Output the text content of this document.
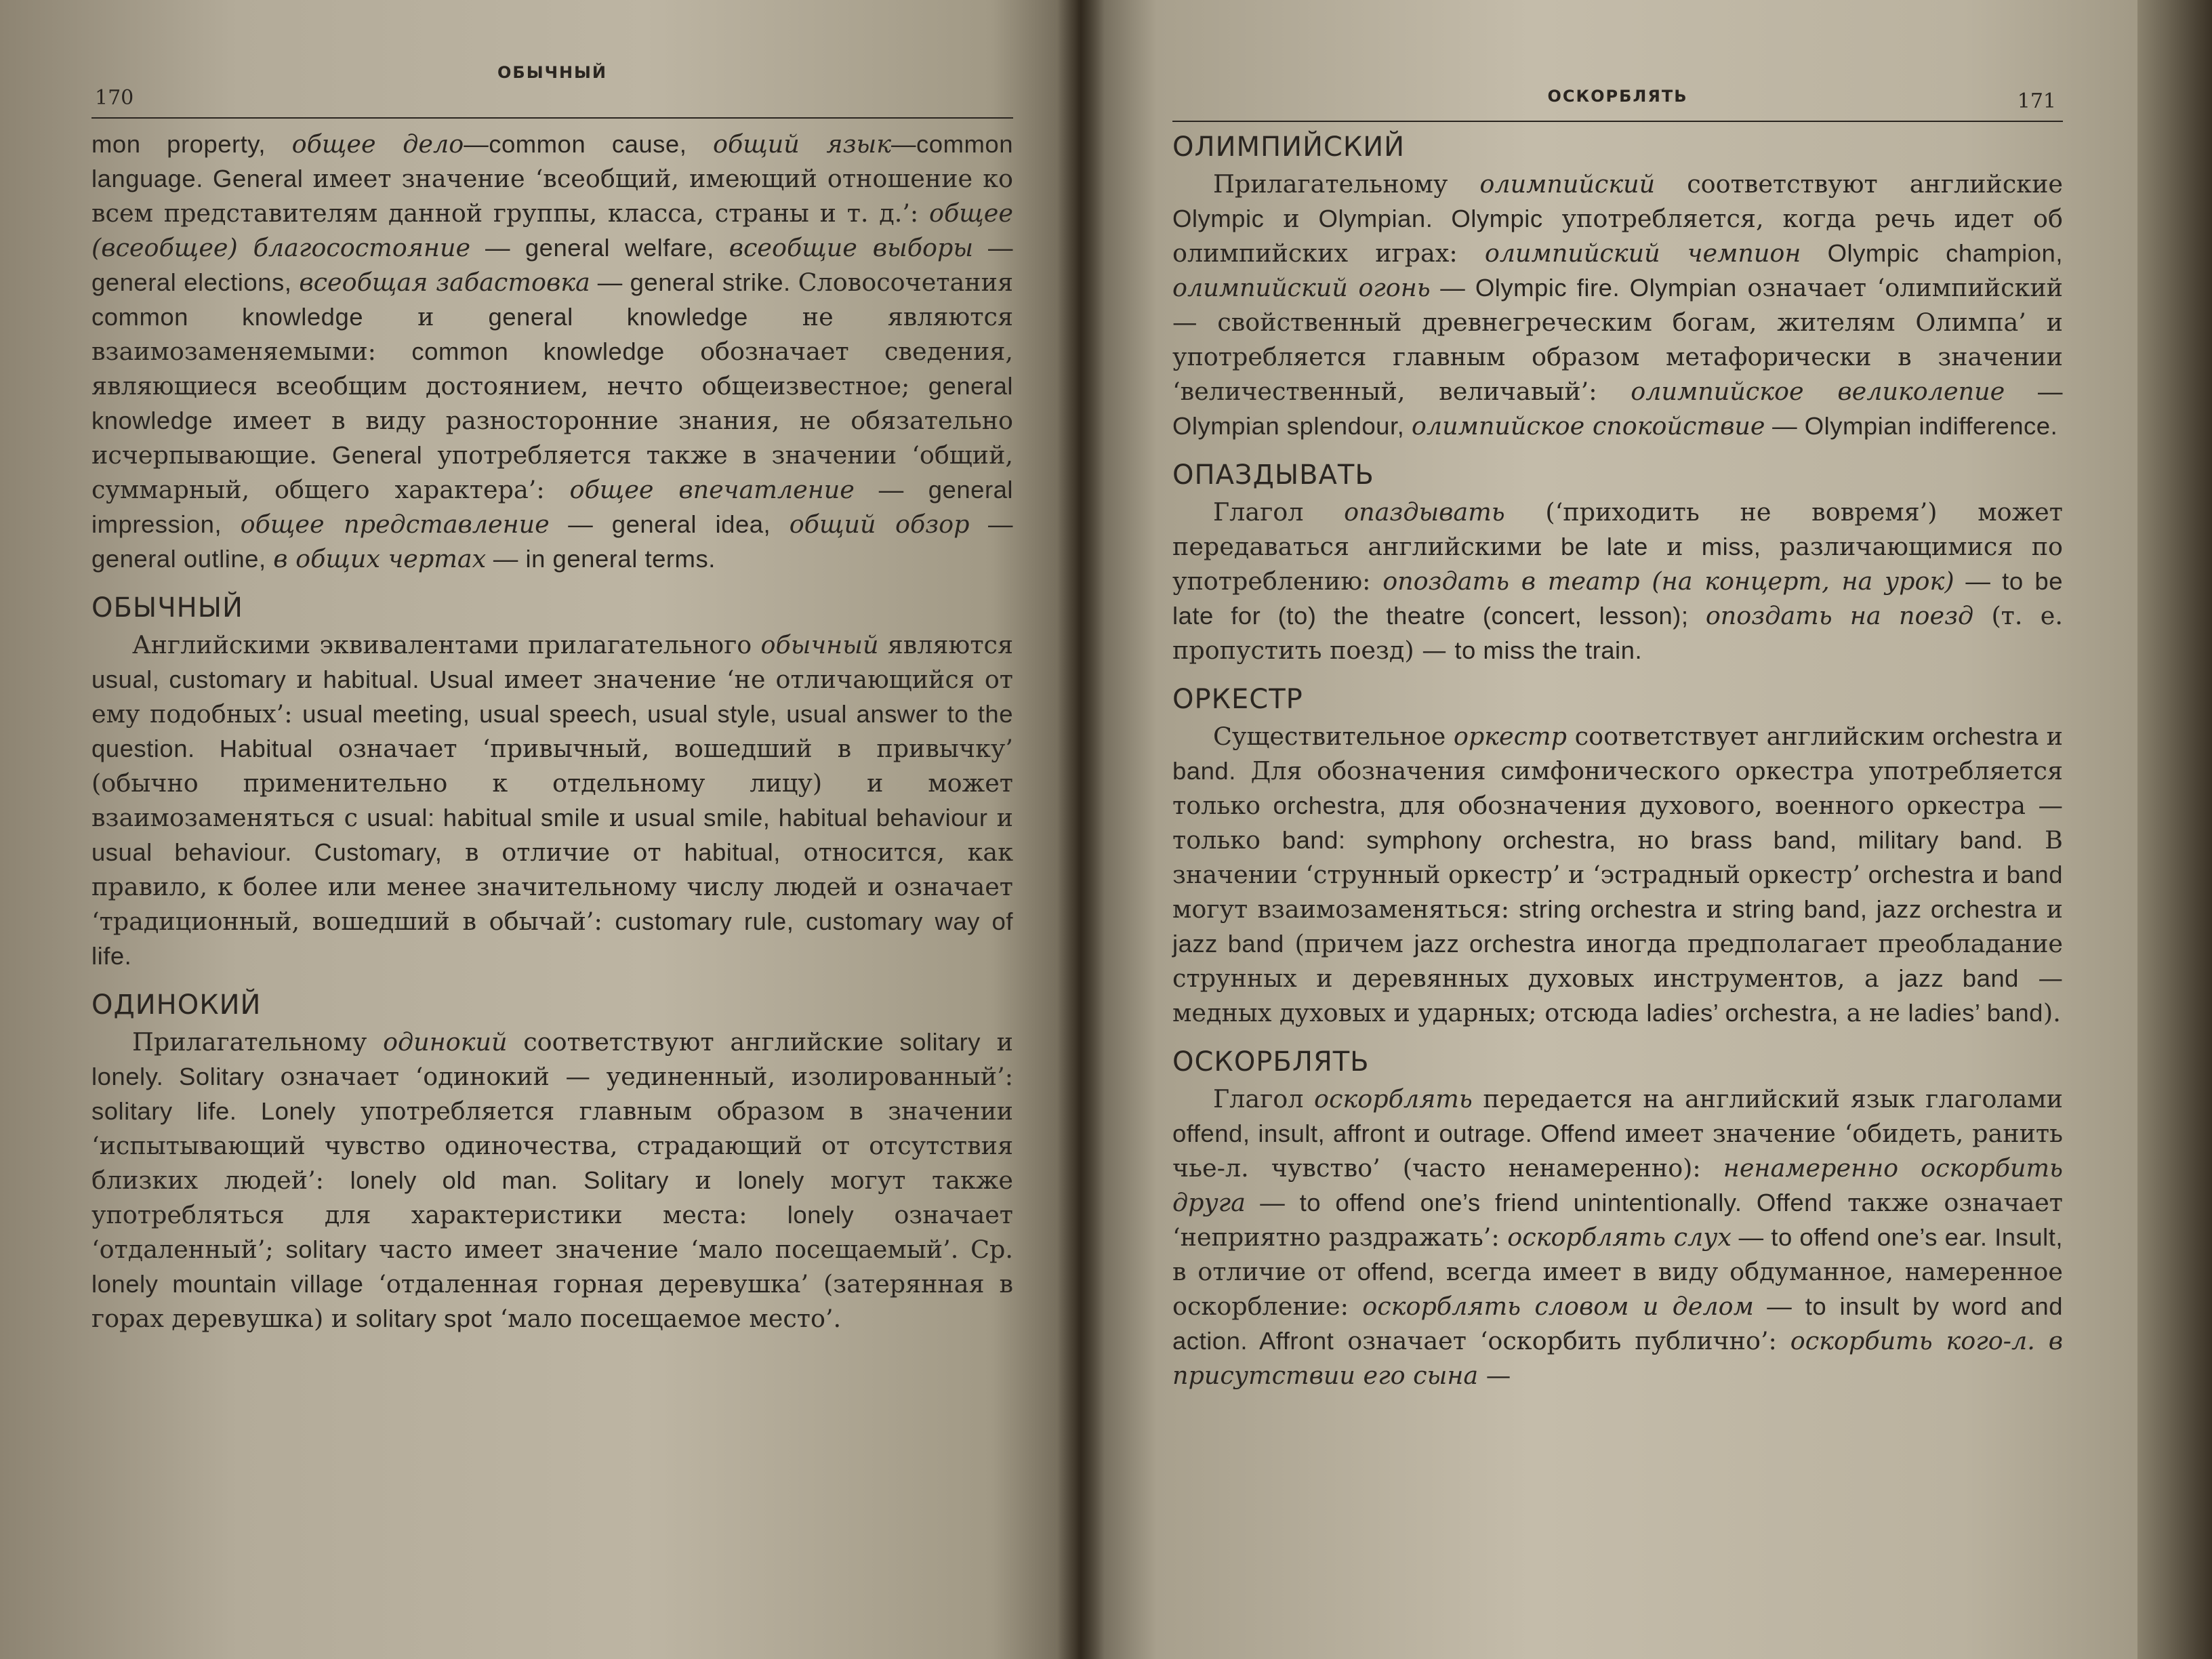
170
ОБЫЧНЫЙ

mon property, общее дело—common cause, общий язык—common language. General имеет значение ‘всеобщий, имеющий отношение ко всем представителям данной группы, класса, страны и т. д.’: общее (всеобщее) благосостояние — general welfare, всеобщие выборы — general elections, всеобщая забастовка — general strike. Словосочетания common knowledge и general knowledge не являются взаимозаменяемыми: common knowledge обозначает сведения, являющиеся всеобщим достоянием, нечто общеизвестное; general knowledge имеет в виду разносторонние знания, не обязательно исчерпывающие. General употребляется также в значении ‘общий, суммарный, общего характера’: общее впечатление — general impression, общее представление — general idea, общий обзор — general outline, в общих чертах — in general terms.

ОБЫЧНЫЙ

Английскими эквивалентами прилагательного обычный являются usual, customary и habitual. Usual имеет значение ‘не отличающийся от ему подобных’: usual meeting, usual speech, usual style, usual answer to the question. Habitual означает ‘привычный, вошедший в привычку’ (обычно применительно к отдельному лицу) и может взаимозаменяться с usual: habitual smile и usual smile, habitual behaviour и usual behaviour. Customary, в отличие от habitual, относится, как правило, к более или менее значительному числу людей и означает ‘традиционный, вошедший в обычай’: customary rule, customary way of life.

ОДИНОКИЙ

Прилагательному одинокий соответствуют английские solitary и lonely. Solitary означает ‘одинокий — уединенный, изолированный’: solitary life. Lonely употребляется главным образом в значении ‘испытывающий чувство одиночества, страдающий от отсутствия близких людей’: lonely old man. Solitary и lonely могут также употребляться для характеристики места: lonely означает ‘отдаленный’; solitary часто имеет значение ‘мало посещаемый’. Ср. lonely mountain village ‘отдаленная горная деревушка’ (затерянная в горах деревушка) и solitary spot ‘мало посещаемое место’.

ОСКОРБЛЯТЬ	171
ОЛИМПИЙСКИЙ

Прилагательному олимпийский соответствуют английские Olympic и Olympian. Olympic употребляется, когда речь идет об олимпийских играх: олимпийский чемпион Olympic champion, олимпийский огонь — Olympic fire. Olympian означает ‘олимпийский — свойственный древнегреческим богам, жителям Олимпа’ и употребляется главным образом метафорически в значении ‘величественный, величавый’: олимпийское великолепие — Olympian splendour, олимпийское спокойствие — Olympian indifference.

ОПАЗДЫВАТЬ

Глагол опаздывать (‘приходить не вовремя’) может передаваться английскими be late и miss, различающимися по употреблению: опоздать в театр (на концерт, на урок) — to be late for (to) the theatre (concert, lesson); опоздать на поезд (т. е. пропустить поезд) — to miss the train.

ОРКЕСТР

Существительное оркестр соответствует английским orchestra и band. Для обозначения симфонического оркестра употребляется только orchestra, для обозначения духового, военного оркестра — только band: symphony orchestra, но brass band, military band. В значении ‘струнный оркестр’ и ‘эстрадный оркестр’ orchestra и band могут взаимозаменяться: string orchestra и string band, jazz orchestra и jazz band (причем jazz orchestra иногда предполагает преобладание струнных и деревянных духовых инструментов, а jazz band — медных духовых и ударных; отсюда ladies’ orchestra, а не ladies’ band).

ОСКОРБЛЯТЬ

Глагол оскорблять передается на английский язык глаголами offend, insult, affront и outrage. Offend имеет значение ‘обидеть, ранить чье-л. чувство’ (часто ненамеренно): ненамеренно оскорбить друга — to offend one’s friend unintentionally. Offend также означает ‘неприятно раздражать’: оскорблять слух — to offend one’s ear. Insult, в отличие от offend, всегда имеет в виду обдуманное, намеренное оскорбление: оскорблять словом и делом — to insult by word and action. Affront означает ‘оскорбить публично’: оскорбить кого-л. в присутствии его сына —
